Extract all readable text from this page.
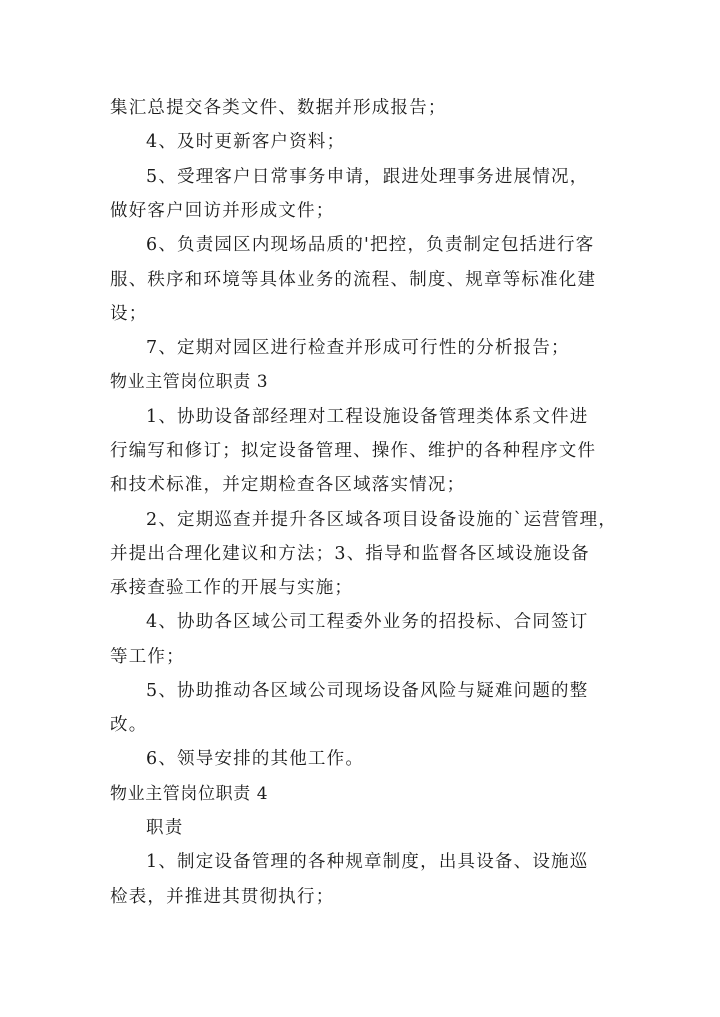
集汇总提交各类文件、数据并形成报告；
4、及时更新客户资料；
5、受理客户日常事务申请，跟进处理事务进展情况，
做好客户回访并形成文件；
6、负责园区内现场品质的'把控，负责制定包括进行客
服、秩序和环境等具体业务的流程、制度、规章等标准化建
设；
7、定期对园区进行检查并形成可行性的分析报告；
物业主管岗位职责 3
1、协助设备部经理对工程设施设备管理类体系文件进
行编写和修订；拟定设备管理、操作、维护的各种程序文件
和技术标准，并定期检查各区域落实情况；
2、定期巡查并提升各区域各项目设备设施的`运营管理，
并提出合理化建议和方法；3、指导和监督各区域设施设备
承接查验工作的开展与实施；
4、协助各区域公司工程委外业务的招投标、合同签订
等工作；
5、协助推动各区域公司现场设备风险与疑难问题的整
改。
6、领导安排的其他工作。
物业主管岗位职责 4
职责
1、制定设备管理的各种规章制度，出具设备、设施巡
检表，并推进其贯彻执行；
